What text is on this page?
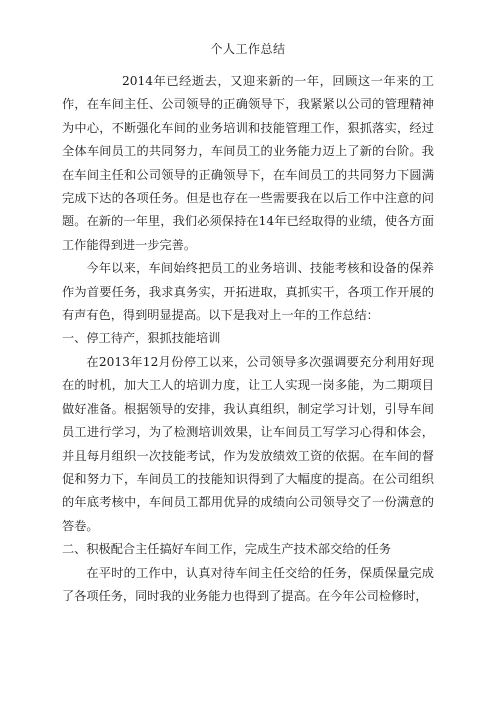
个人工作总结

2014年已经逝去，又迎来新的一年，回顾这一年来的工作，在车间主任、公司领导的正确领导下，我紧紧以公司的管理精神为中心，不断强化车间的业务培训和技能管理工作，狠抓落实，经过全体车间员工的共同努力，车间员工的业务能力迈上了新的台阶。我在车间主任和公司领导的正确领导下，在车间员工的共同努力下圆满完成下达的各项任务。但是也存在一些需要我在以后工作中注意的问题。在新的一年里，我们必须保持在14年已经取得的业绩，使各方面工作能得到进一步完善。

今年以来，车间始终把员工的业务培训、技能考核和设备的保养作为首要任务，我求真务实，开拓进取，真抓实干，各项工作开展的有声有色，得到明显提高。以下是我对上一年的工作总结：

一、停工待产，狠抓技能培训

在2013年12月份停工以来，公司领导多次强调要充分利用好现在的时机，加大工人的培训力度，让工人实现一岗多能，为二期项目做好准备。根据领导的安排，我认真组织，制定学习计划，引导车间员工进行学习，为了检测培训效果，让车间员工写学习心得和体会，并且每月组织一次技能考试，作为发放绩效工资的依据。在车间的督促和努力下，车间员工的技能知识得到了大幅度的提高。在公司组织的年底考核中，车间员工都用优异的成绩向公司领导交了一份满意的答卷。

二、积极配合主任搞好车间工作，完成生产技术部交给的任务

在平时的工作中，认真对待车间主任交给的任务，保质保量完成了各项任务，同时我的业务能力也得到了提高。在今年公司检修时，
